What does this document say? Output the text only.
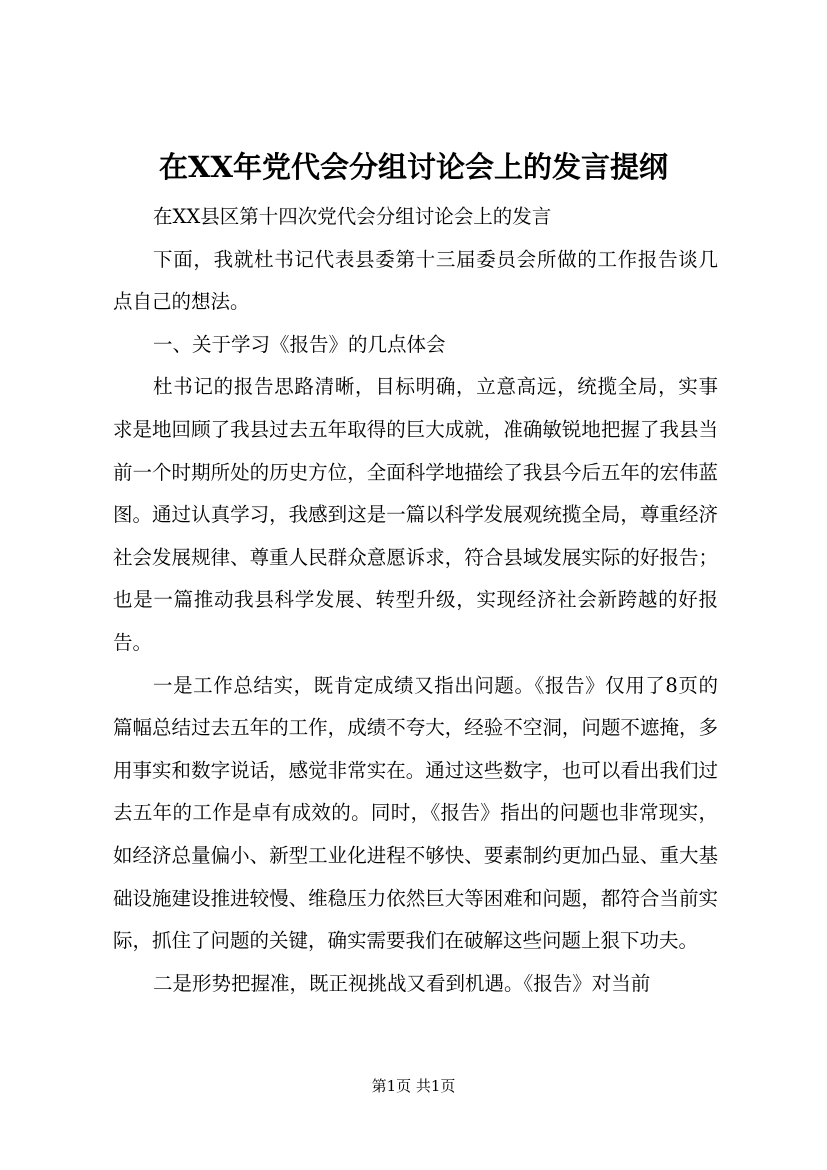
在XX年党代会分组讨论会上的发言提纲

在XX县区第十四次党代会分组讨论会上的发言

下面，我就杜书记代表县委第十三届委员会所做的工作报告谈几点自己的想法。

一、关于学习《报告》的几点体会

杜书记的报告思路清晰，目标明确，立意高远，统揽全局，实事求是地回顾了我县过去五年取得的巨大成就，准确敏锐地把握了我县当前一个时期所处的历史方位，全面科学地描绘了我县今后五年的宏伟蓝图。通过认真学习，我感到这是一篇以科学发展观统揽全局，尊重经济社会发展规律、尊重人民群众意愿诉求，符合县域发展实际的好报告；也是一篇推动我县科学发展、转型升级，实现经济社会新跨越的好报告。

一是工作总结实，既肯定成绩又指出问题。《报告》仅用了8页的篇幅总结过去五年的工作，成绩不夸大，经验不空洞，问题不遮掩，多用事实和数字说话，感觉非常实在。通过这些数字，也可以看出我们过去五年的工作是卓有成效的。同时，《报告》指出的问题也非常现实，如经济总量偏小、新型工业化进程不够快、要素制约更加凸显、重大基础设施建设推进较慢、维稳压力依然巨大等困难和问题，都符合当前实际，抓住了问题的关键，确实需要我们在破解这些问题上狠下功夫。

二是形势把握准，既正视挑战又看到机遇。《报告》对当前

第1页 共1页
